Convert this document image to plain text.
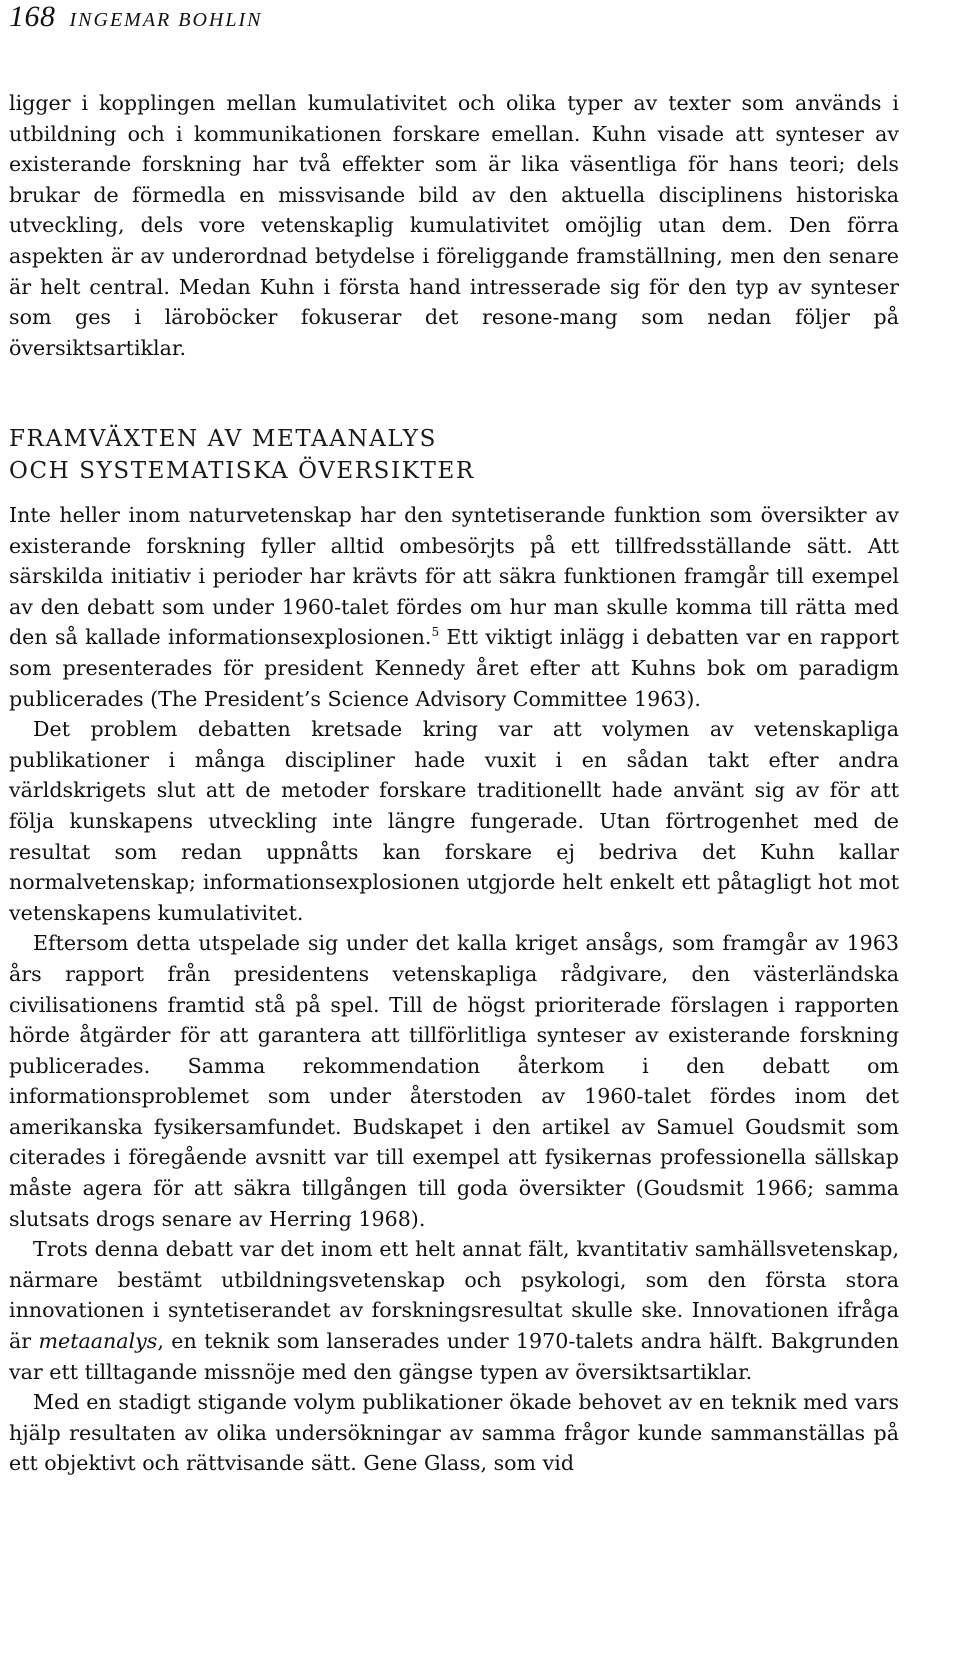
168 INGEMAR BOHLIN

ligger i kopplingen mellan kumulativitet och olika typer av texter som används i utbildning och i kommunikationen forskare emellan. Kuhn visade att synteser av existerande forskning har två effekter som är lika väsentliga för hans teori; dels brukar de förmedla en missvisande bild av den aktuella disciplinens historiska utveckling, dels vore vetenskaplig kumulativitet omöjlig utan dem. Den förra aspekten är av underordnad betydelse i föreliggande framställning, men den senare är helt central. Medan Kuhn i första hand intresserade sig för den typ av synteser som ges i läroböcker fokuserar det resone-mang som nedan följer på översiktsartiklar.

FRAMVÄXTEN AV METAANALYS
OCH SYSTEMATISKA ÖVERSIKTER

Inte heller inom naturvetenskap har den syntetiserande funktion som översikter av existerande forskning fyller alltid ombesörjts på ett tillfredsställande sätt. Att särskilda initiativ i perioder har krävts för att säkra funktionen framgår till exempel av den debatt som under 1960-talet fördes om hur man skulle komma till rätta med den så kallade informationsexplosionen.$^5$ Ett viktigt inlägg i debatten var en rapport som presenterades för president Kennedy året efter att Kuhns bok om paradigm publicerades (The President’s Science Advisory Committee 1963).

Det problem debatten kretsade kring var att volymen av vetenskapliga publikationer i många discipliner hade vuxit i en sådan takt efter andra världskrigets slut att de metoder forskare traditionellt hade använt sig av för att följa kunskapens utveckling inte längre fungerade. Utan förtrogenhet med de resultat som redan uppnåtts kan forskare ej bedriva det Kuhn kallar normalvetenskap; informationsexplosionen utgjorde helt enkelt ett påtagligt hot mot vetenskapens kumulativitet.

Eftersom detta utspelade sig under det kalla kriget ansågs, som framgår av 1963 års rapport från presidentens vetenskapliga rådgivare, den västerländska civilisationens framtid stå på spel. Till de högst prioriterade förslagen i rapporten hörde åtgärder för att garantera att tillförlitliga synteser av existerande forskning publicerades. Samma rekommendation återkom i den debatt om informationsproblemet som under återstoden av 1960-talet fördes inom det amerikanska fysikersamfundet. Budskapet i den artikel av Samuel Goudsmit som citerades i föregående avsnitt var till exempel att fysikernas professionella sällskap måste agera för att säkra tillgången till goda översikter (Goudsmit 1966; samma slutsats drogs senare av Herring 1968).

Trots denna debatt var det inom ett helt annat fält, kvantitativ samhällsvetenskap, närmare bestämt utbildningsvetenskap och psykologi, som den första stora innovationen i syntetiserandet av forskningsresultat skulle ske. Innovationen ifråga är metaanalys, en teknik som lanserades under 1970-talets andra hälft. Bakgrunden var ett tilltagande missnöje med den gängse typen av översiktsartiklar.

Med en stadigt stigande volym publikationer ökade behovet av en teknik med vars hjälp resultaten av olika undersökningar av samma frågor kunde sammanställas på ett objektivt och rättvisande sätt. Gene Glass, som vid
